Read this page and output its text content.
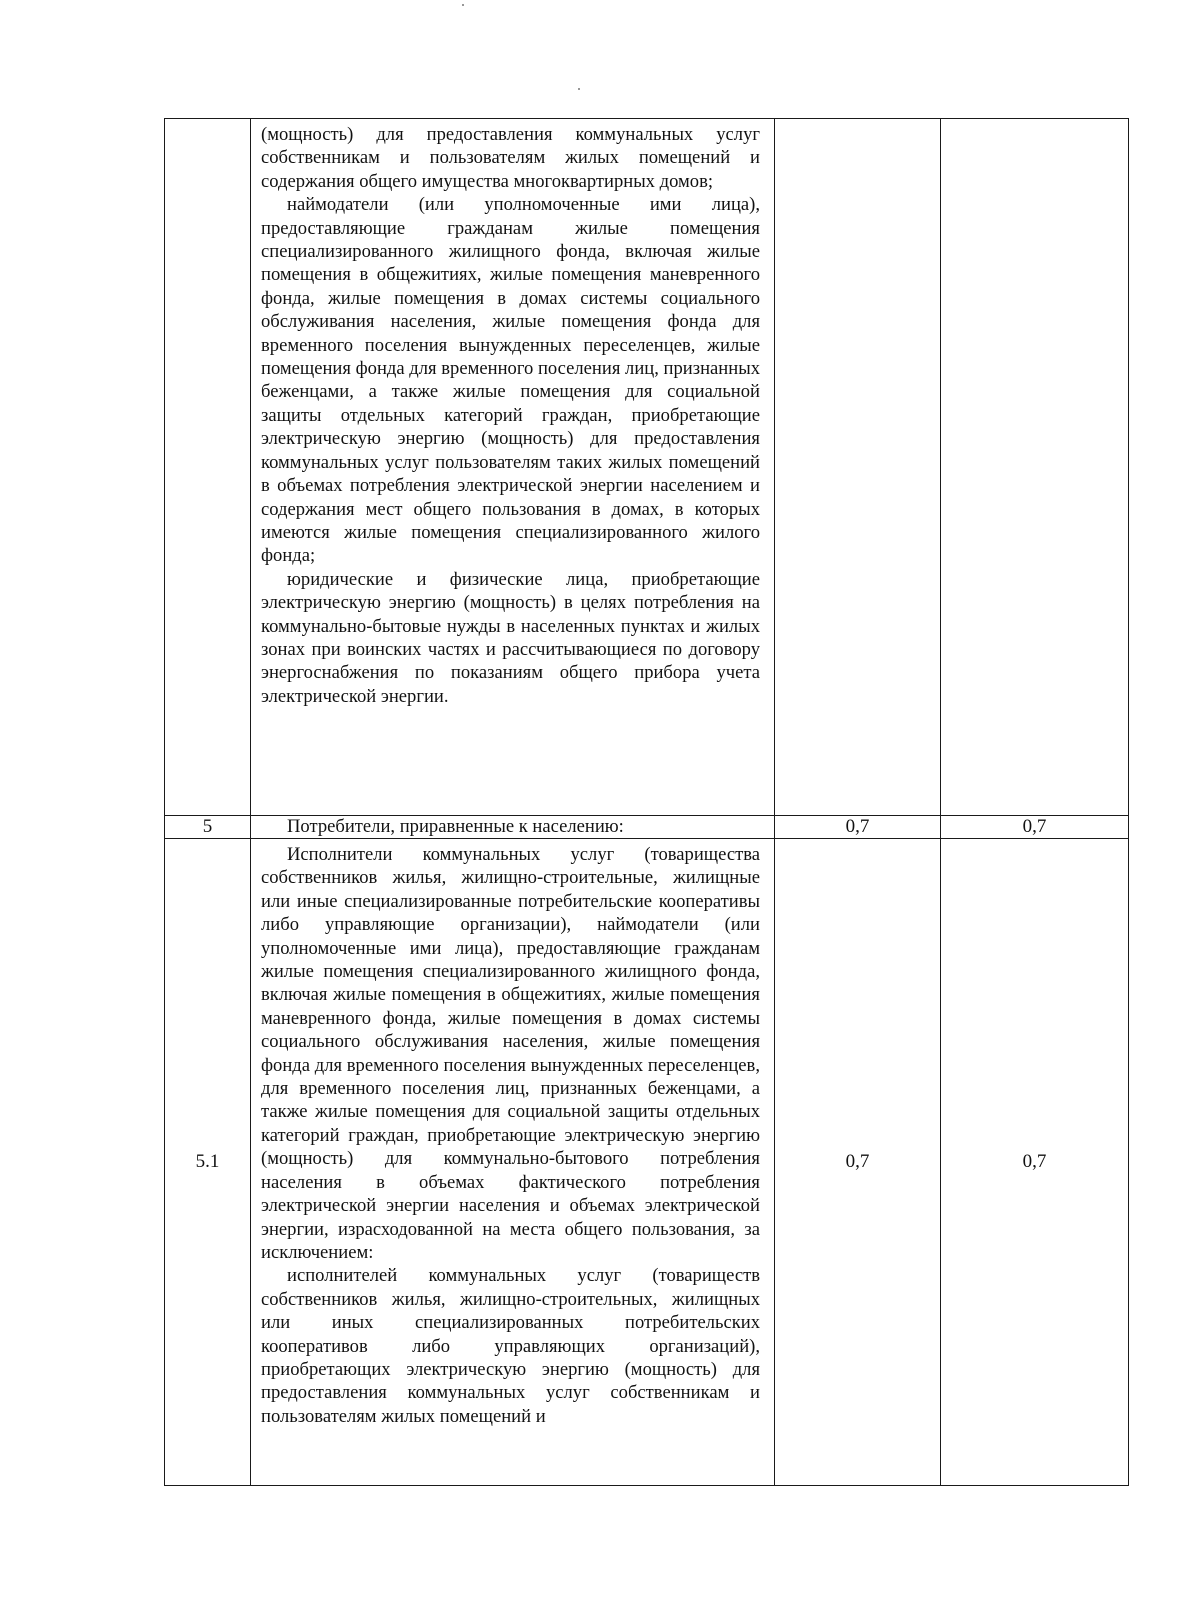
	(мощность) для предоставления коммунальных услуг собственникам и пользователям жилых помещений и содержания общего имущества многоквартирных домов;

наймодатели (или уполномоченные ими лица), предоставляющие гражданам жилые помещения специализированного жилищного фонда, включая жилые помещения в общежитиях, жилые помещения маневренного фонда, жилые помещения в домах системы социального обслуживания населения, жилые помещения фонда для временного поселения вынужденных переселенцев, жилые помещения фонда для временного поселения лиц, признанных беженцами, а также жилые помещения для социальной защиты отдельных категорий граждан, приобретающие электрическую энергию (мощность) для предоставления коммунальных услуг пользователям таких жилых помещений в объемах потребления электрической энергии населением и содержания мест общего пользования в домах, в которых имеются жилые помещения специализированного жилого фонда;

юридические и физические лица, приобретающие электрическую энергию (мощность) в целях потребления на коммунально-бытовые нужды в населенных пунктах и жилых зонах при воинских частях и рассчитывающиеся по договору энергоснабжения по показаниям общего прибора учета электрической энергии.		

5	Потребители, приравненные к населению:	0,7	0,7
5.1	Исполнители коммунальных услуг (товарищества собственников жилья, жилищно-строительные, жилищные или иные специализированные потребительские кооперативы либо управляющие организации), наймодатели (или уполномоченные ими лица), предоставляющие гражданам жилые помещения специализированного жилищного фонда, включая жилые помещения в общежитиях, жилые помещения маневренного фонда, жилые помещения в домах системы социального обслуживания населения, жилые помещения фонда для временного поселения вынужденных переселенцев, для временного поселения лиц, признанных беженцами, а также жилые помещения для социальной защиты отдельных категорий граждан, приобретающие электрическую энергию (мощность) для коммунально-бытового потребления населения в объемах фактического потребления электрической энергии населения и объемах электрической энергии, израсходованной на места общего пользования, за исключением:

исполнителей коммунальных услуг (товариществ собственников жилья, жилищно-строительных, жилищных или иных специализированных потребительских кооперативов либо управляющих организаций), приобретающих электрическую энергию (мощность) для предоставления коммунальных услуг собственникам и пользователям жилых помещений и	0,7	0,7
